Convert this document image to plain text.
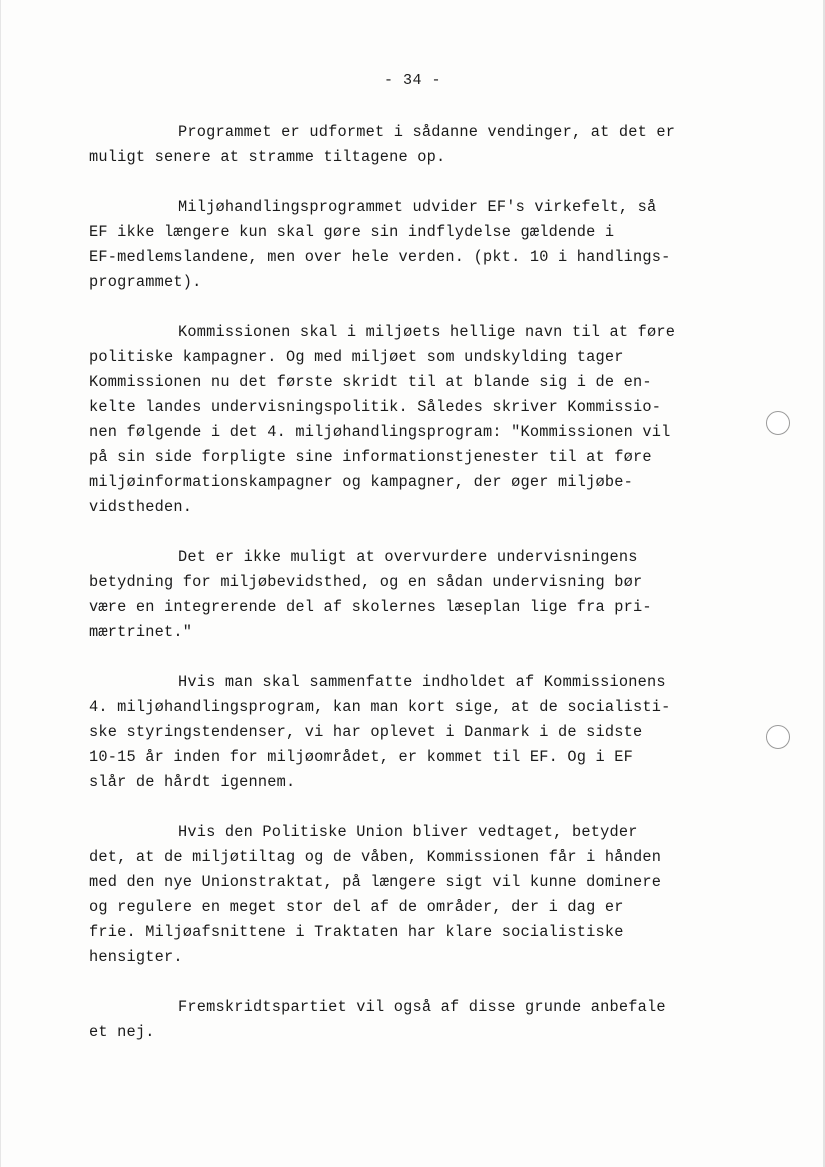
- 34 -
Programmet er udformet i sådanne vendinger, at det er
muligt senere at stramme tiltagene op.
Miljøhandlingsprogrammet udvider EF's virkefelt, så
EF ikke længere kun skal gøre sin indflydelse gældende i
EF-medlemslandene, men over hele verden. (pkt. 10 i handlings-
programmet).
Kommissionen skal i miljøets hellige navn til at føre
politiske kampagner. Og med miljøet som undskylding tager
Kommissionen nu det første skridt til at blande sig i de en-
kelte landes undervisningspolitik. Således skriver Kommissio-
nen følgende i det 4. miljøhandlingsprogram: "Kommissionen vil
på sin side forpligte sine informationstjenester til at føre
miljøinformationskampagner og kampagner, der øger miljøbe-
vidstheden.
Det er ikke muligt at overvurdere undervisningens
betydning for miljøbevidsthed, og en sådan undervisning bør
være en integrerende del af skolernes læseplan lige fra pri-
mærtrinet."
Hvis man skal sammenfatte indholdet af Kommissionens
4. miljøhandlingsprogram, kan man kort sige, at de socialisti-
ske styringstendenser, vi har oplevet i Danmark i de sidste
10-15 år inden for miljøområdet, er kommet til EF. Og i EF
slår de hårdt igennem.
Hvis den Politiske Union bliver vedtaget, betyder
det, at de miljøtiltag og de våben, Kommissionen får i hånden
med den nye Unionstraktat, på længere sigt vil kunne dominere
og regulere en meget stor del af de områder, der i dag er
frie. Miljøafsnittene i Traktaten har klare socialistiske
hensigter.
Fremskridtspartiet vil også af disse grunde anbefale
et nej.
